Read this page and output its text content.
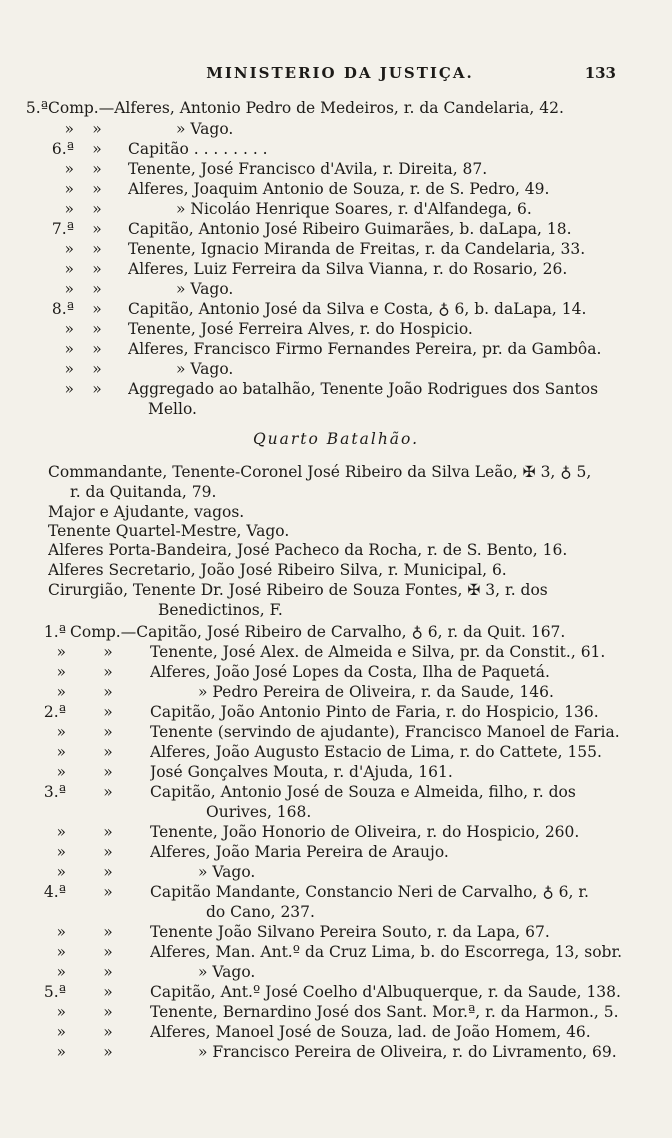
MINISTERIO DA JUSTIÇA.	133
5.ª Comp.—Alferes, Antonio Pedro de Medeiros, r. da Candelaria, 42.
»	»	» Vago.
6.ª	»	Capitão . . . . . . . .
»	»	Tenente, José Francisco d'Avila, r. Direita, 87.
»	»	Alferes, Joaquim Antonio de Souza, r. de S. Pedro, 49.
»	»	» Nicoláo Henrique Soares, r. d'Alfandega, 6.
7.ª	»	Capitão, Antonio José Ribeiro Guimarães, b. daLapa, 18.
»	»	Tenente, Ignacio Miranda de Freitas, r. da Candelaria, 33.
»	»	Alferes, Luiz Ferreira da Silva Vianna, r. do Rosario, 26.
»	»	» Vago.
8.ª	»	Capitão, Antonio José da Silva e Costa, ♁ 6, b. daLapa, 14.
»	»	Tenente, José Ferreira Alves, r. do Hospicio.
»	»	Alferes, Francisco Firmo Fernandes Pereira, pr. da Gambôa.
»	»	» Vago.
»	»	Aggregado ao batalhão, Tenente João Rodrigues dos Santos
Mello.
Quarto Batalhão.
Commandante, Tenente-Coronel José Ribeiro da Silva Leão, ✠ 3, ♁ 5,
r. da Quitanda, 79.
Major e Ajudante, vagos.
Tenente Quartel-Mestre, Vago.
Alferes Porta-Bandeira, José Pacheco da Rocha, r. de S. Bento, 16.
Alferes Secretario, João José Ribeiro Silva, r. Municipal, 6.
Cirurgião, Tenente Dr. José Ribeiro de Souza Fontes, ✠ 3, r. dos
Benedictinos, F.
1.ª Comp.—Capitão, José Ribeiro de Carvalho, ♁ 6, r. da Quit. 167.
»	»	Tenente, José Alex. de Almeida e Silva, pr. da Constit., 61.
»	»	Alferes, João José Lopes da Costa, Ilha de Paquetá.
»	»	» Pedro Pereira de Oliveira, r. da Saude, 146.
2.ª	»	Capitão, João Antonio Pinto de Faria, r. do Hospicio, 136.
»	»	Tenente (servindo de ajudante), Francisco Manoel de Faria.
»	»	Alferes, João Augusto Estacio de Lima, r. do Cattete, 155.
»	»	José Gonçalves Mouta, r. d'Ajuda, 161.
3.ª	»	Capitão, Antonio José de Souza e Almeida, filho, r. dos
Ourives, 168.
»	»	Tenente, João Honorio de Oliveira, r. do Hospicio, 260.
»	»	Alferes, João Maria Pereira de Araujo.
»	»	» Vago.
4.ª	»	Capitão Mandante, Constancio Neri de Carvalho, ♁ 6, r.
do Cano, 237.
»	»	Tenente João Silvano Pereira Souto, r. da Lapa, 67.
»	»	Alferes, Man. Ant.º da Cruz Lima, b. do Escorrega, 13, sobr.
»	»	» Vago.
5.ª	»	Capitão, Ant.º José Coelho d'Albuquerque, r. da Saude, 138.
»	»	Tenente, Bernardino José dos Sant. Mor.ª, r. da Harmon., 5.
»	»	Alferes, Manoel José de Souza, lad. de João Homem, 46.
»	»	» Francisco Pereira de Oliveira, r. do Livramento, 69.
